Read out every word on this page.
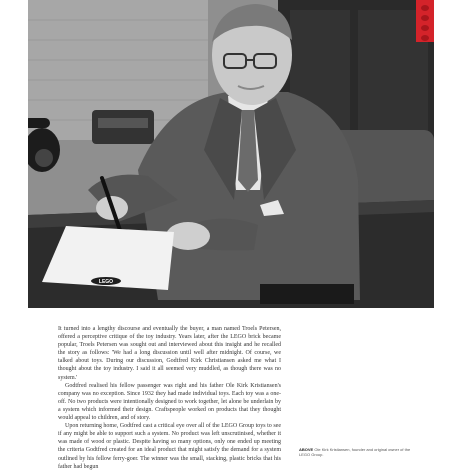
LEGO

It turned into a lengthy discourse and eventually the buyer, a man named Troels Petersen, offered a perceptive critique of the toy industry. Years later, after the LEGO brick became popular, Troels Petersen was sought out and interviewed about this insight and he recalled the story as follows: 'We had a long discussion until well after midnight. Of course, we talked about toys. During our discussion, Godtfred Kirk Christiansen asked me what I thought about the toy industry. I said it all seemed very muddled, as though there was no system.'

Godtfred realised his fellow passenger was right and his father Ole Kirk Kristiansen's company was no exception. Since 1932 they had made individual toys. Each toy was a one-off. No two products were intentionally designed to work together, let alone be underlain by a system which informed their design. Craftspeople worked on products that they thought would appeal to children, and of story.

Upon returning home, Godtfred cast a critical eye over all of the LEGO Group toys to see if any might be able to support such a system. No product was left unscrutinised, whether it was made of wood or plastic. Despite having so many options, only one ended up meeting the criteria Godtfred created for an ideal product that might satisfy the demand for a system outlined by his fellow ferry-goer. The winner was the small, stacking, plastic bricks that his father had begun

ABOVE Ole Kirk Kristiansen, founder and original owner of the LEGO Group.
